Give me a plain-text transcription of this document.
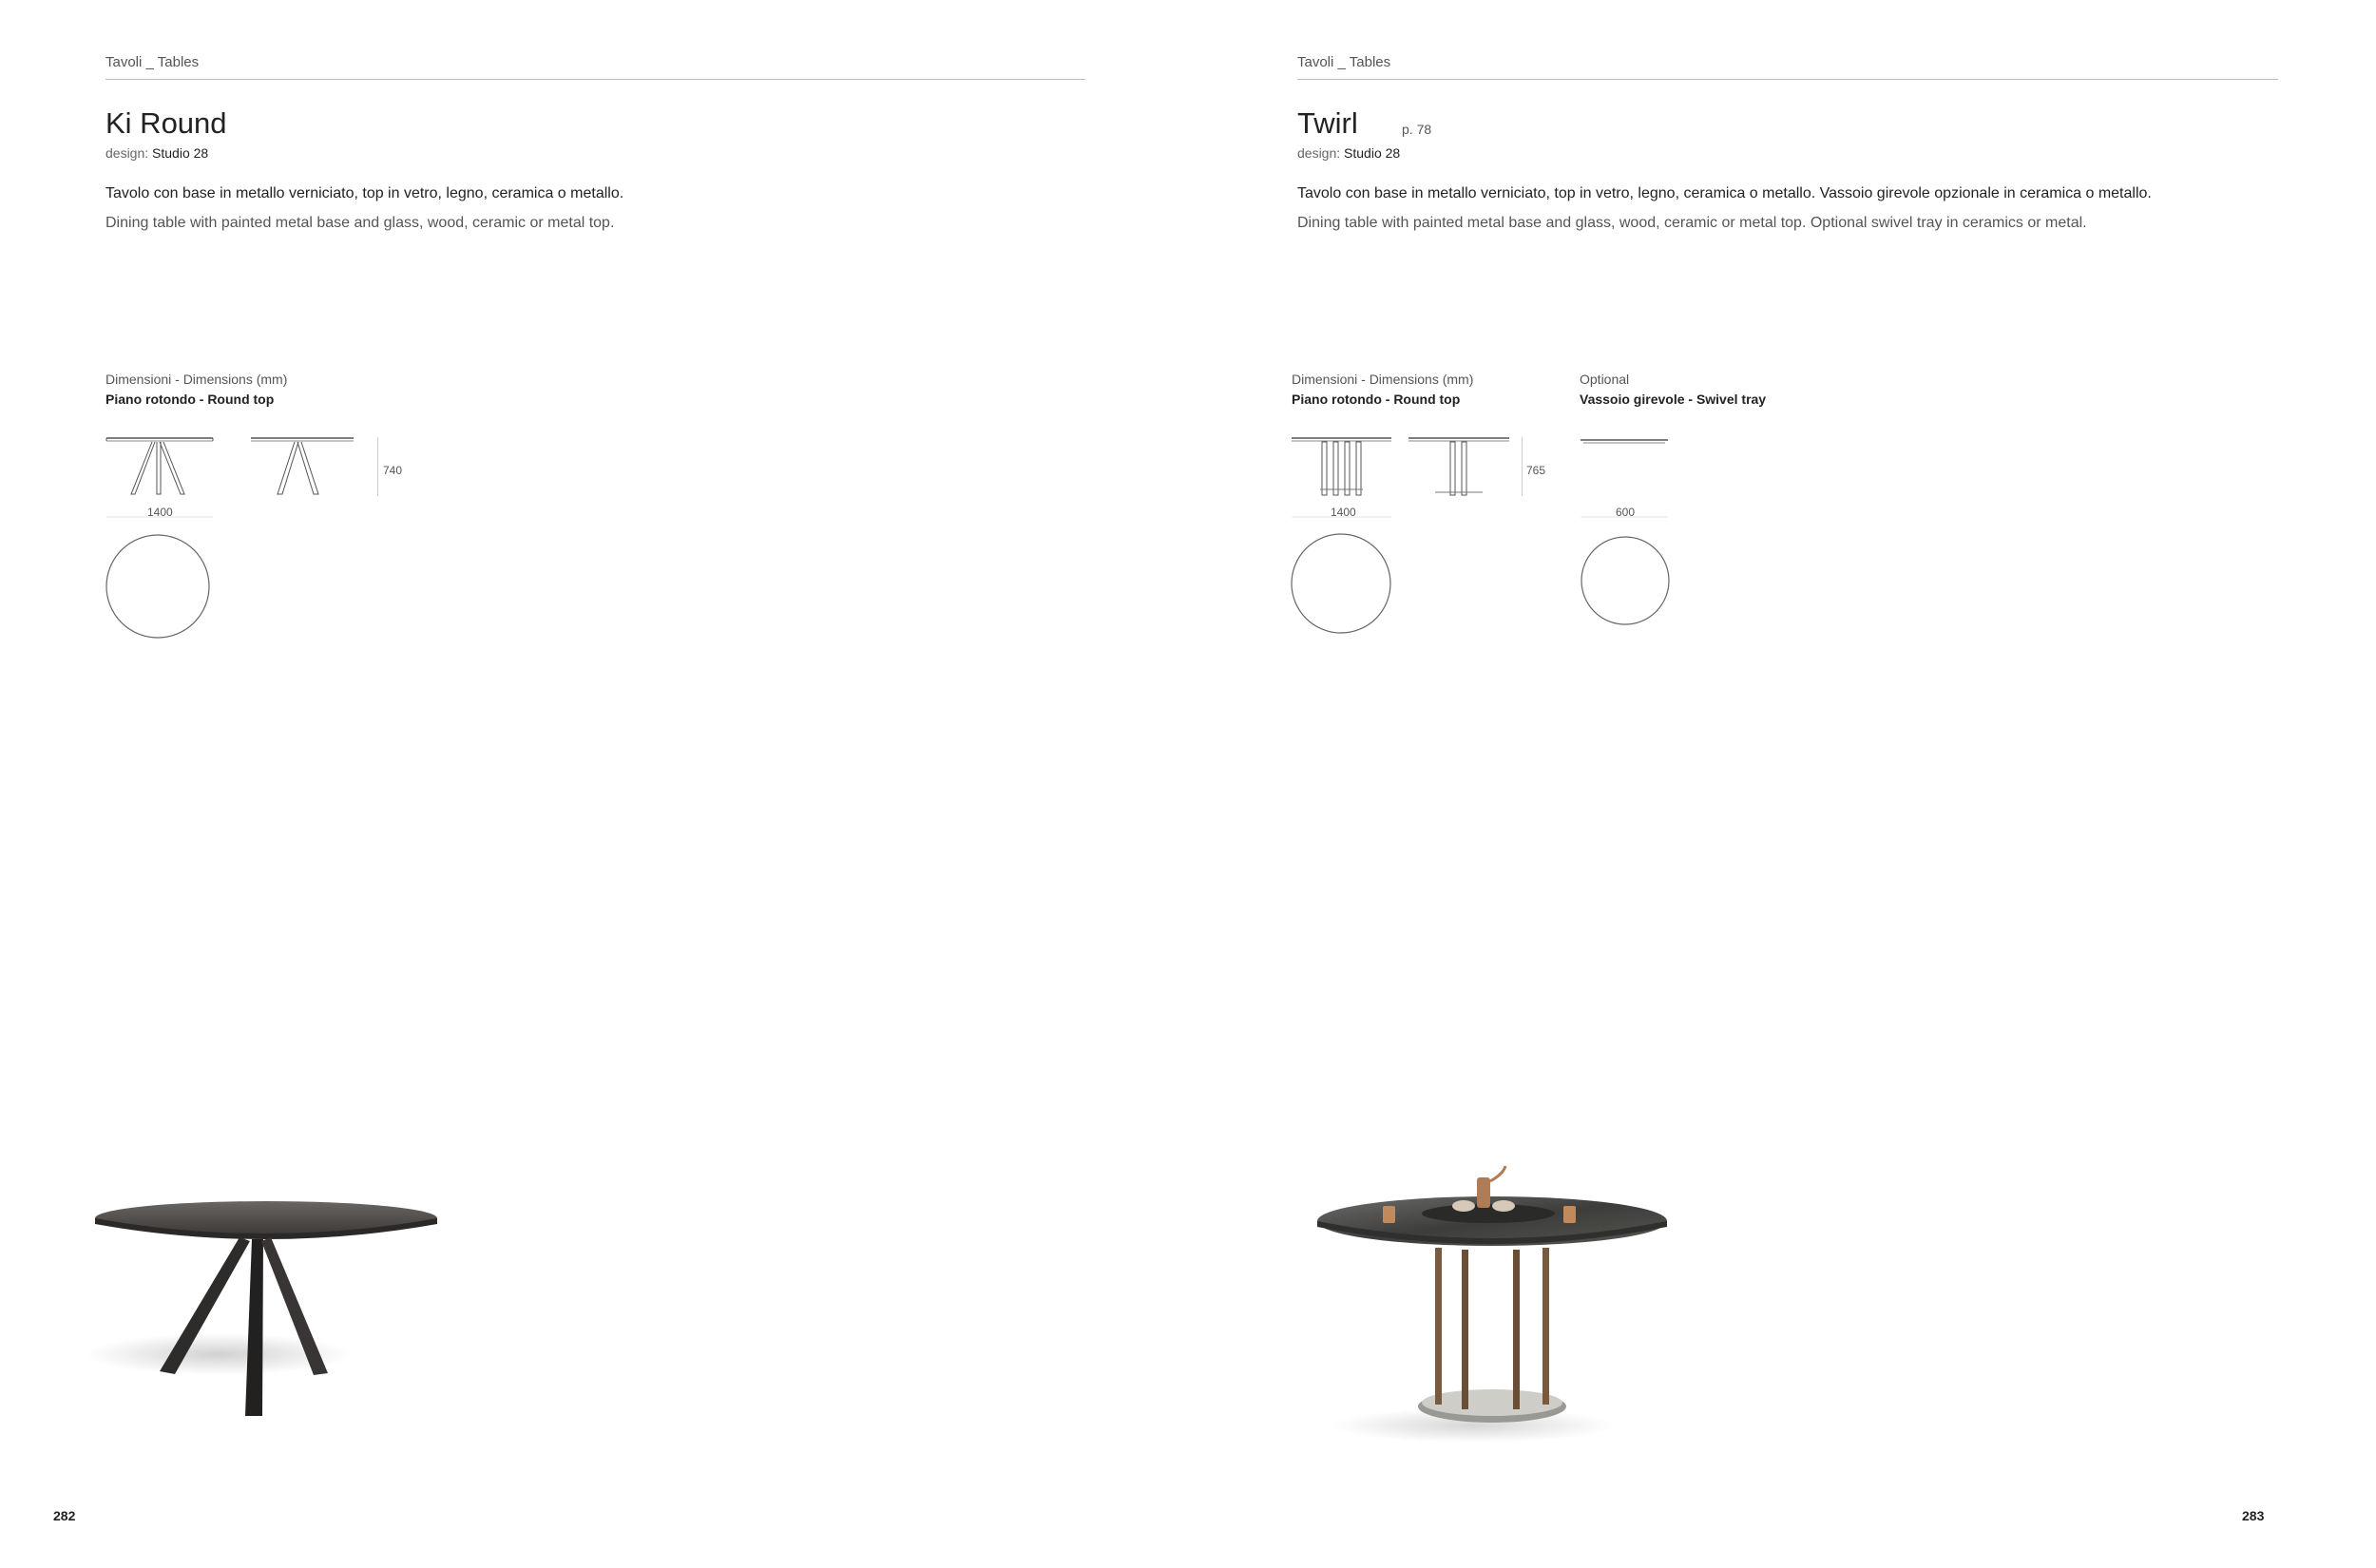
Tavoli _ Tables
Ki Round
design: Studio 28
Tavolo con base in metallo verniciato, top in vetro, legno, ceramica o metallo.
Dining table with painted metal base and glass, wood, ceramic or metal top.
Dimensioni - Dimensions (mm)
Piano rotondo - Round top
1400
740
282
Tavoli _ Tables
Twirl	p. 78
design: Studio 28
Tavolo con base in metallo verniciato, top in vetro, legno, ceramica o metallo. Vassoio girevole opzionale in ceramica o metallo.
Dining table with painted metal base and glass, wood, ceramic or metal top. Optional swivel tray in ceramics or metal.
Dimensioni - Dimensions (mm)
Piano rotondo - Round top
1400
765
Optional
Vassoio girevole - Swivel tray
600
283
